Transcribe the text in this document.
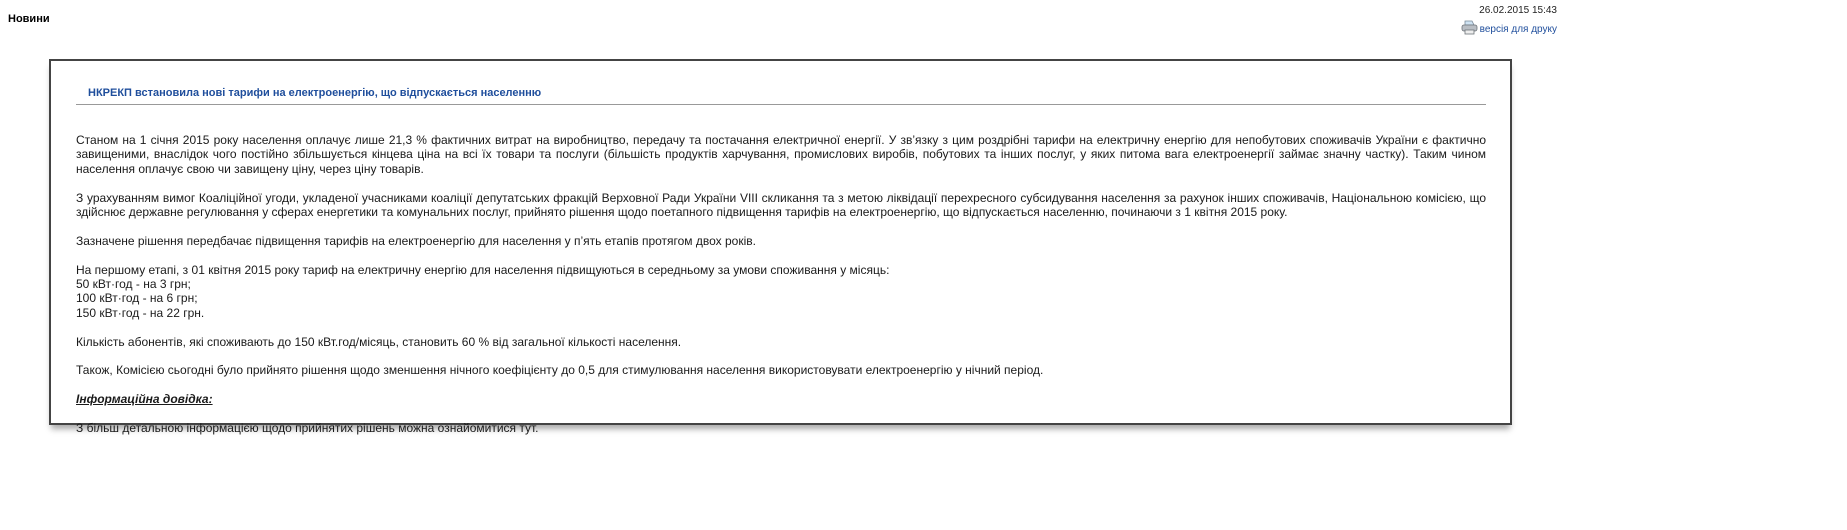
Новини
26.02.2015 15:43
версія для друку
НКРЕКП встановила нові тарифи на електроенергію, що відпускається населенню

Станом на 1 січня 2015 року населення оплачує лише 21,3 % фактичних витрат на виробництво, передачу та постачання електричної енергії. У зв’язку з цим роздрібні тарифи на електричну енергію для непобутових споживачів України є фактично завищеними, внаслідок чого постійно збільшується кінцева ціна на всі їх товари та послуги (більшість продуктів харчування, промислових виробів, побутових та інших послуг, у яких питома вага електроенергії займає значну частку). Таким чином населення оплачує свою чи завищену ціну, через ціну товарів.

З урахуванням вимог Коаліційної угоди, укладеної учасниками коаліції депутатських фракцій Верховної Ради України VIII скликання та з метою ліквідації перехресного субсидування населення за рахунок інших споживачів, Національною комісією, що здійснює державне регулювання у сферах енергетики та комунальних послуг, прийнято рішення щодо поетапного підвищення тарифів на електроенергію, що відпускається населенню, починаючи з 1 квітня 2015 року.

Зазначене рішення передбачає підвищення тарифів на електроенергію для населення у п’ять етапів протягом двох років.

На першому етапі, з 01 квітня 2015 року тариф на електричну енергію для населення підвищуються в середньому за умови споживання у місяць:
50 кВт·год - на 3 грн;
100 кВт·год - на 6 грн;
150 кВт·год - на 22 грн.

Кількість абонентів, які споживають до 150 кВт.год/місяць, становить 60 % від загальної кількості населення.

Також, Комісією сьогодні було прийнято рішення щодо зменшення нічного коефіцієнту до 0,5 для стимулювання населення використовувати електроенергію у нічний період.

Інформаційна довідка:

З більш детальною інформацією щодо прийнятих рішень можна ознайомитися тут.
